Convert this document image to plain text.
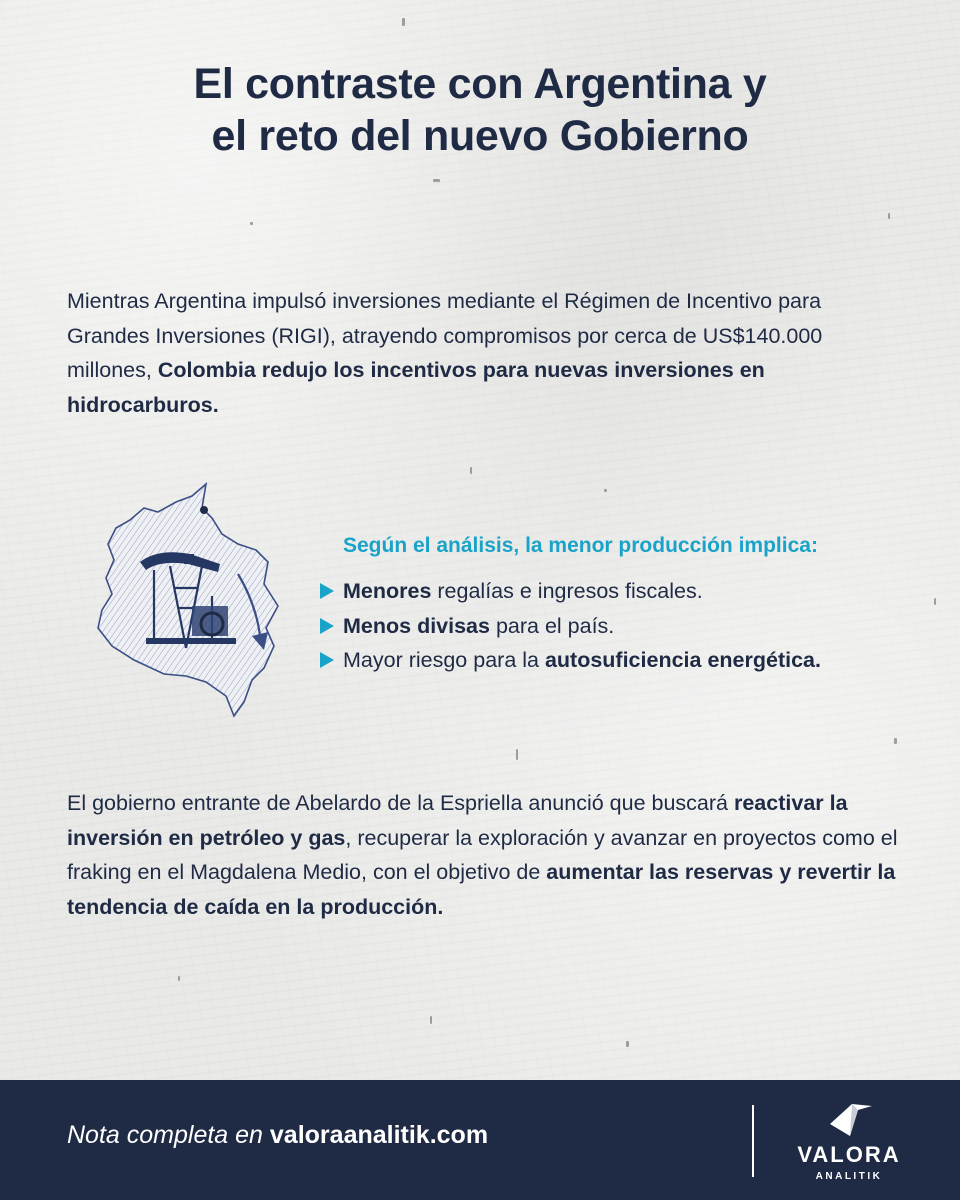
El contraste con Argentina y
el reto del nuevo Gobierno

Mientras Argentina impulsó inversiones mediante el Régimen de Incentivo para Grandes Inversiones (RIGI), atrayendo compromisos por cerca de US$140.000 millones, Colombia redujo los incentivos para nuevas inversiones en hidrocarburos.

Según el análisis, la menor producción implica:

Menores regalías e ingresos fiscales.
Menos divisas para el país.
Mayor riesgo para la autosuficiencia energética.

El gobierno entrante de Abelardo de la Espriella anunció que buscará reactivar la inversión en petróleo y gas, recuperar la exploración y avanzar en proyectos como el fraking en el Magdalena Medio, con el objetivo de aumentar las reservas y revertir la tendencia de caída en la producción.

Nota completa en valoraanalitik.com

VALORA
ANALITIK
